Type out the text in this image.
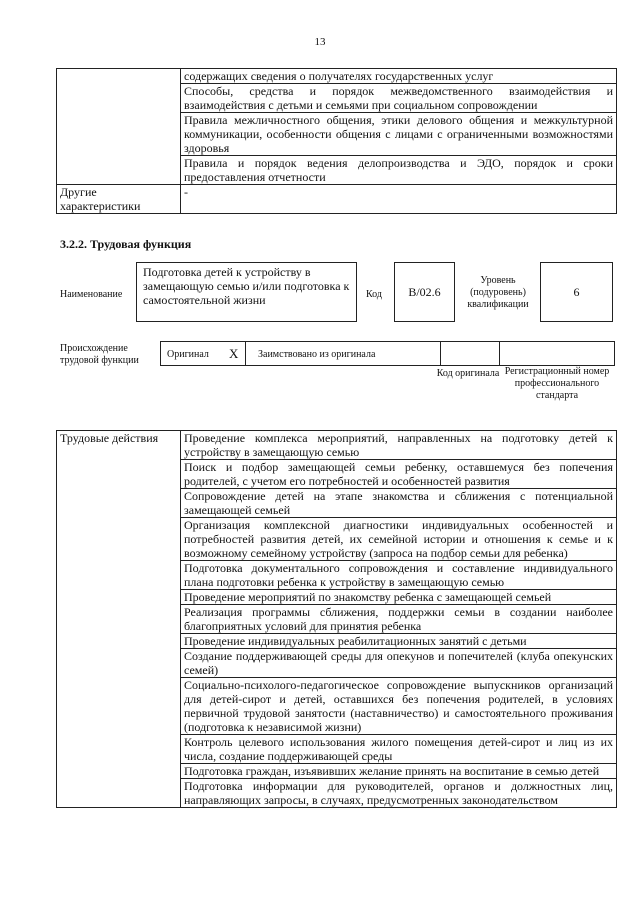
13
	содержащих сведения о получателях государственных услуг
	Способы, средства и порядок межведомственного взаимодействия и взаимодействия с детьми и семьями при социальном сопровождении
	Правила межличностного общения, этики делового общения и межкультурной коммуникации, особенности общения с лицами с ограниченными возможностями здоровья
	Правила и порядок ведения делопроизводства и ЭДО, порядок и сроки предоставления отчетности
Другие характеристики	-
3.2.2. Трудовая функция
Наименование
Подготовка детей к устройству в замещающую семью и/или подготовка к самостоятельной жизни	Код	В/02.6
Уровень (подуровень) квалификации
6
Происхождение трудовой функции
Оригинал X Заимствовано из оригинала
Код оригинала Регистрационный номер профессионального стандарта
Трудовые действия	Проведение комплекса мероприятий, направленных на подготовку детей к устройству в замещающую семью
Поиск и подбор замещающей семьи ребенку, оставшемуся без попечения родителей, с учетом его потребностей и особенностей развития
Сопровождение детей на этапе знакомства и сближения с потенциальной замещающей семьей
Организация комплексной диагностики индивидуальных особенностей и потребностей развития детей, их семейной истории и отношения к семье и к возможному семейному устройству (запроса на подбор семьи для ребенка)
Подготовка документального сопровождения и составление индивидуального плана подготовки ребенка к устройству в замещающую семью
Проведение мероприятий по знакомству ребенка с замещающей семьей
Реализация программы сближения, поддержки семьи в создании наиболее благоприятных условий для принятия ребенка
Проведение индивидуальных реабилитационных занятий с детьми
Создание поддерживающей среды для опекунов и попечителей (клуба опекунских семей)
Социально-психолого-педагогическое сопровождение выпускников организаций для детей-сирот и детей, оставшихся без попечения родителей, в условиях первичной трудовой занятости (наставничество) и самостоятельного проживания (подготовка к независимой жизни)
Контроль целевого использования жилого помещения детей-сирот и лиц из их числа, создание поддерживающей среды
Подготовка граждан, изъявивших желание принять на воспитание в семью детей
Подготовка информации для руководителей, органов и должностных лиц, направляющих запросы, в случаях, предусмотренных законодательством
